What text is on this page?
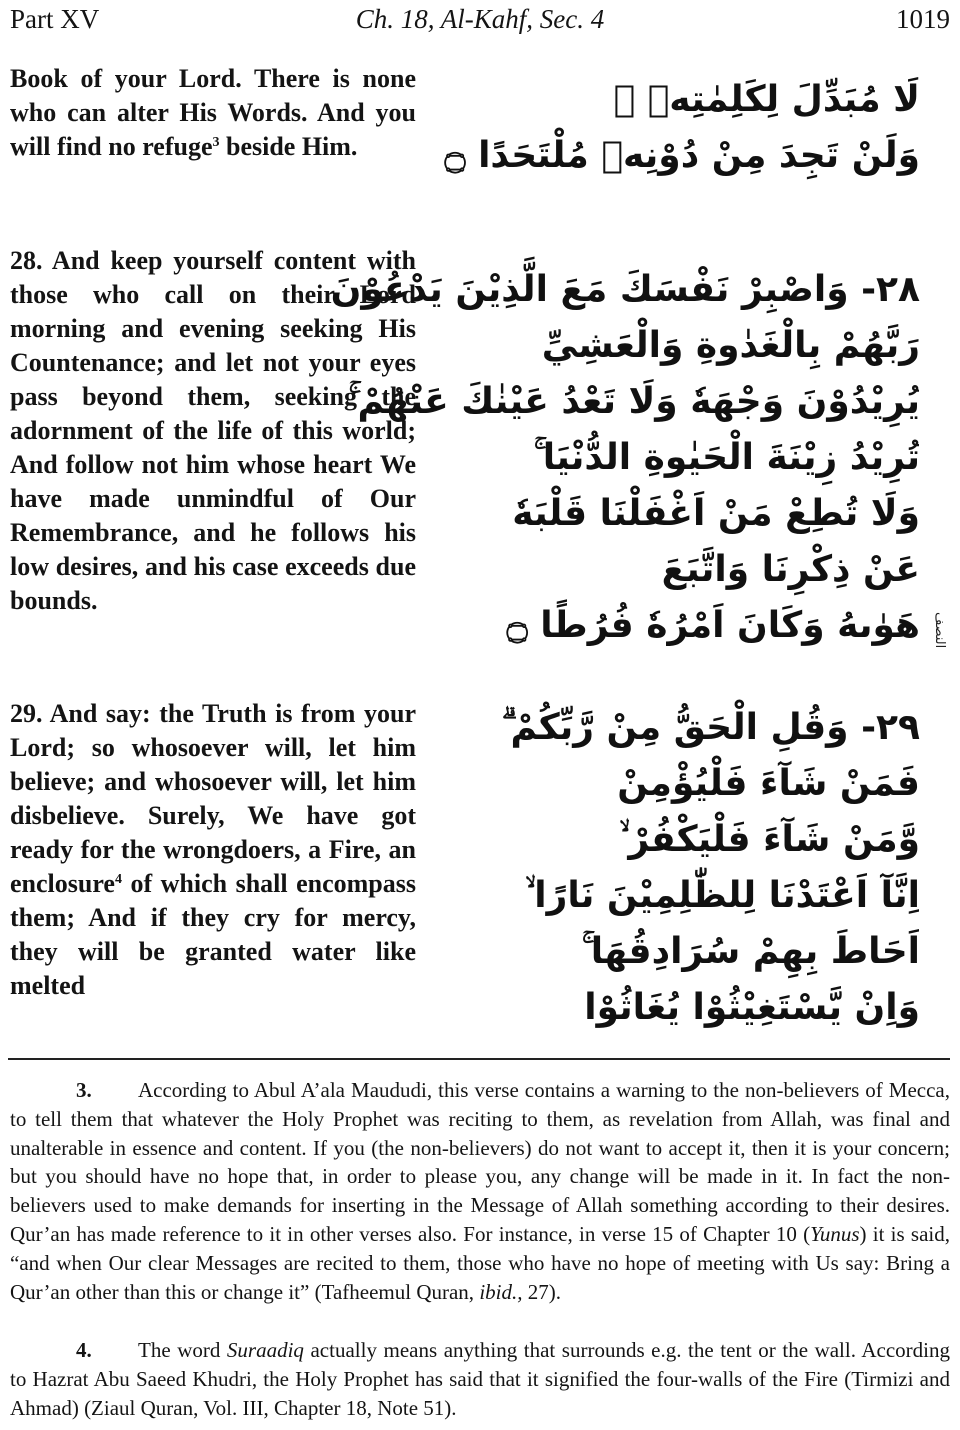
Part XV	Ch. 18, Al-Kahf, Sec. 4	1019
Book of your Lord. There is none who can alter His Words. And you will find no refuge$^3$ beside Him.
لَا مُبَدِّلَ لِكَلِمٰتِهٖ ۚ
وَلَنْ تَجِدَ مِنْ دُوْنِهٖ مُلْتَحَدًا ۝
28. And keep yourself content with those who call on their Lord morning and evening seeking His Countenance; and let not your eyes pass beyond them, seeking the adornment of the life of this world; And follow not him whose heart We have made unmindful of Our Remembrance, and he follows his low desires, and his case exceeds due bounds.
٢٨- وَاصْبِرْ نَفْسَكَ مَعَ الَّذِيْنَ يَدْعُوْنَ
رَبَّهُمْ بِالْغَدٰوةِ وَالْعَشِيِّ
يُرِيْدُوْنَ وَجْهَهٗ وَلَا تَعْدُ عَيْنٰكَ عَنْهُمْ ۚ
تُرِيْدُ زِيْنَةَ الْحَيٰوةِ الدُّنْيَا ۚ
وَلَا تُطِعْ مَنْ اَغْفَلْنَا قَلْبَهٗ
عَنْ ذِكْرِنَا وَاتَّبَعَ
هَوٰىهُ وَكَانَ اَمْرُهٗ فُرُطًا ۝ النصف
29. And say: the Truth is from your Lord; so whosoever will, let him believe; and whosoever will, let him disbelieve. Surely, We have got ready for the wrongdoers, a Fire, an enclosure$^4$ of which shall encompass them; And if they cry for mercy, they will be granted water like melted
٢٩- وَقُلِ الْحَقُّ مِنْ رَّبِّكُمْ ۗ
فَمَنْ شَآءَ فَلْيُؤْمِنْ
وَّمَنْ شَآءَ فَلْيَكْفُرْ ۙ
اِنَّآ اَعْتَدْنَا لِلظّٰلِمِيْنَ نَارًا ۙ
اَحَاطَ بِهِمْ سُرَادِقُهَا ۚ
وَاِنْ يَّسْتَغِيْثُوْا يُغَاثُوْا
3. According to Abul A’ala Maududi, this verse contains a warning to the non-believers of Mecca, to tell them that whatever the Holy Prophet was reciting to them, as revelation from Allah, was final and unalterable in essence and content. If you (the non-believers) do not want to accept it, then it is your concern; but you should have no hope that, in order to please you, any change will be made in it. In fact the non-believers used to make demands for inserting in the Message of Allah something according to their desires. Qur’an has made reference to it in other verses also. For instance, in verse 15 of Chapter 10 (Yunus) it is said, “and when Our clear Messages are recited to them, those who have no hope of meeting with Us say: Bring a Qur’an other than this or change it” (Tafheemul Quran, ibid., 27).
4. The word Suraadiq actually means anything that surrounds e.g. the tent or the wall. According to Hazrat Abu Saeed Khudri, the Holy Prophet has said that it signified the four-walls of the Fire (Tirmizi and Ahmad) (Ziaul Quran, Vol. III, Chapter 18, Note 51).
